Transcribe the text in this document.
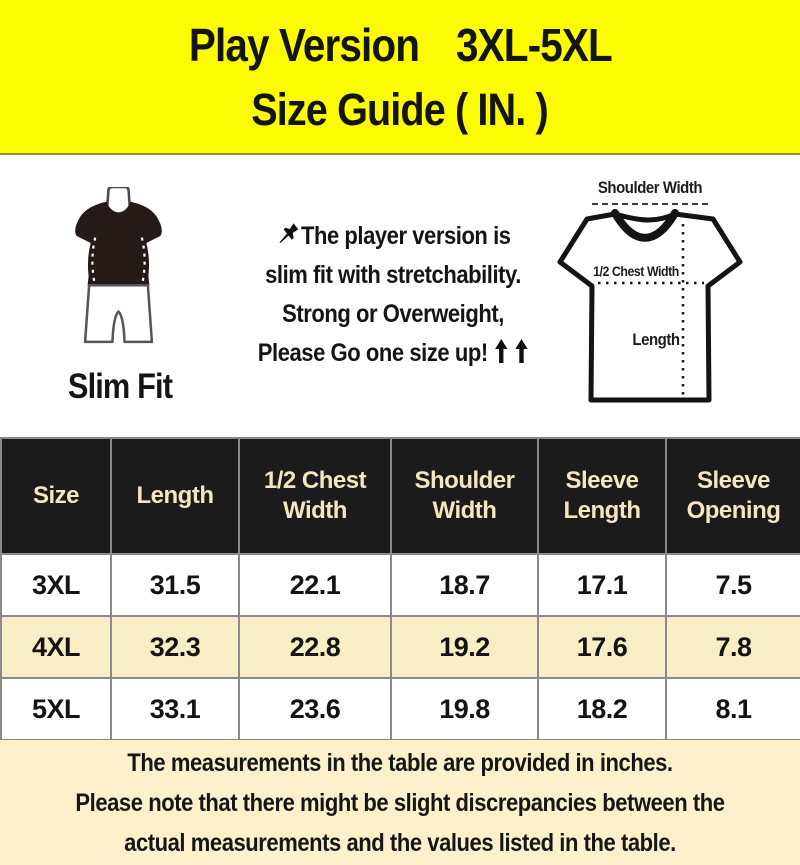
Play Version 3XL-5XL
Size Guide ( IN. )
Slim Fit
The player version is
slim fit with stretchability.
Strong or Overweight,
Please Go one size up!
Shoulder Width
1/2 Chest Width
Length
Size	Length	1/2 Chest Width	Shoulder Width	Sleeve Length	Sleeve Opening
3XL	31.5	22.1	18.7	17.1	7.5
4XL	32.3	22.8	19.2	17.6	7.8
5XL	33.1	23.6	19.8	18.2	8.1
The measurements in the table are provided in inches.
Please note that there might be slight discrepancies between the
actual measurements and the values listed in the table.
